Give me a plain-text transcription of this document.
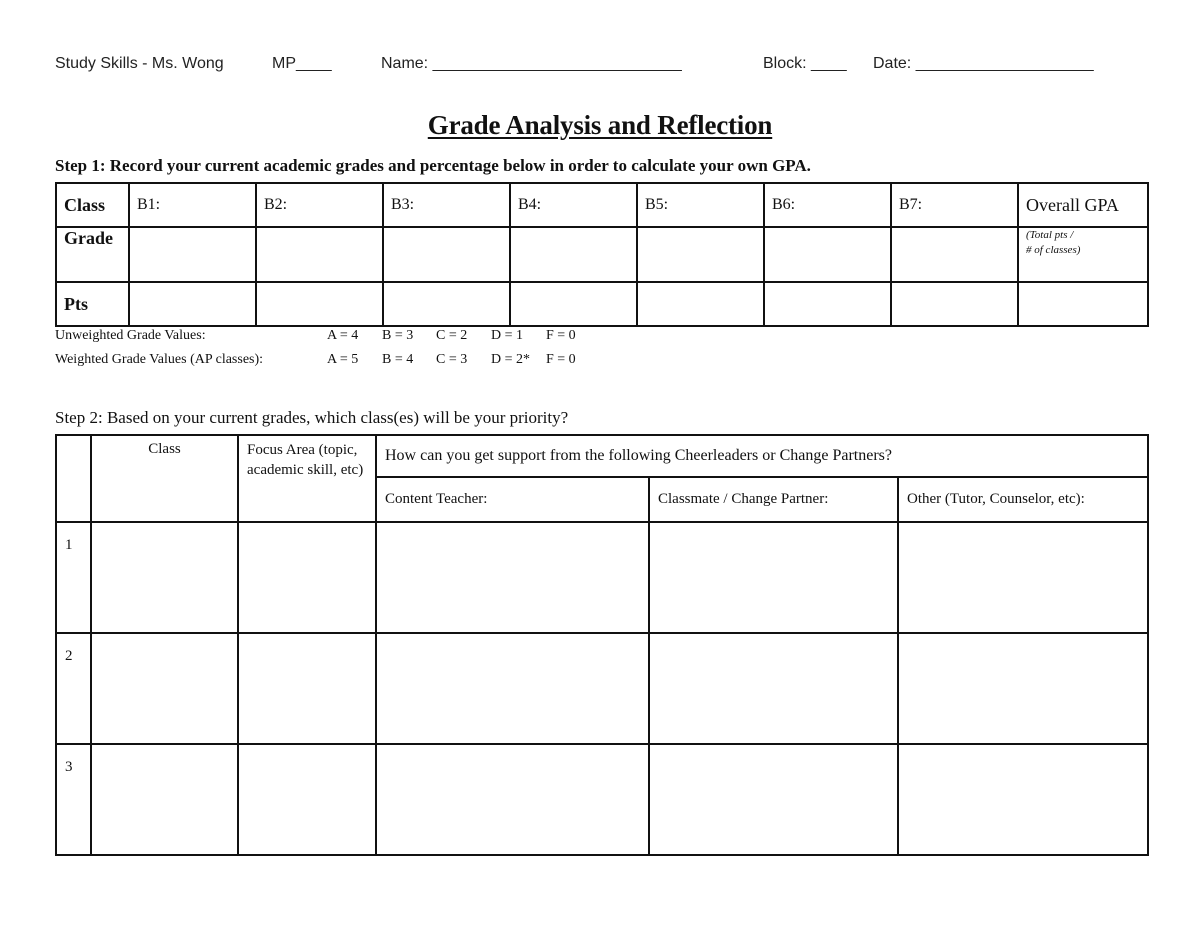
Study Skills - Ms. Wong	MP____	Name: ____________________________	Block: ____ Date: ____________________
Grade Analysis and Reflection
Step 1: Record your current academic grades and percentage below in order to calculate your own GPA.
Class	B1:	B2:	B3:	B4:	B5:	B6:	B7:	Overall GPA
Grade								(Total pts /
# of classes)

Pts								
Unweighted Grade Values:	A = 4 B = 3 C = 2 D = 1 F = 0
Weighted Grade Values (AP classes):	A = 5 B = 4 C = 3 D = 2* F = 0
Step 2: Based on your current grades, which class(es) will be your priority?
	Class	Focus Area (topic, academic skill, etc)	How can you get support from the following Cheerleaders or Change Partners?		
			Content Teacher:	Classmate / Change Partner:	Other (Tutor, Counselor, etc):
1					
2					
3					
